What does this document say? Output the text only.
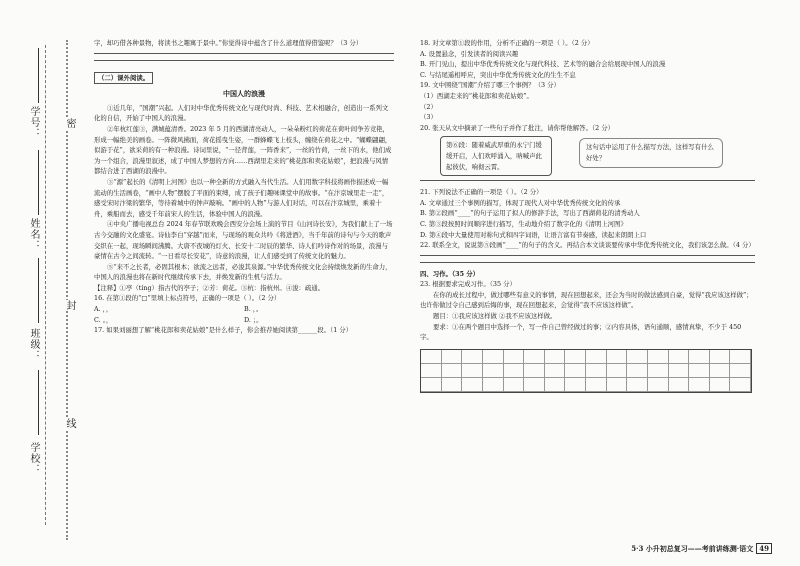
学校：
班级：
姓名：
学号：
线
封
密

字，却巧借各种景物，将读书之趣寓于景中。”你觉得诗中蕴含了什么道理值得借鉴呢？（3 分）

（二）课外阅读。
中国人的浪漫

①近几年，“国潮”兴起。人们对中华优秀传统文化与现代时尚、科技、艺术相融合，创造出一系列文化的自信，开始了中国人的浪漫。

②年杭红莲③，满城蕴清香。2023 年 5 月的西湖清亮动人，一朵朵粉红的荷花在荷叶间争芳竞艳，形成一幅绝美的画卷。一阵微风拂面，荷花摇曳生姿，一群蜂蝶飞上枝头，缠绕在荷花之中。“蝴蝶翩翩，似游于花”，欲采荷的有一种浪漫。诗词里说，“一径背莲，一阵香来”，一丝的竹荷，一丝下的水，他们成为一个组合，浪漫里叙述，成了中国人梦想的方向……西湖里走来的“桃花郎和卖花姑娘”，把浪漫与风情都结合进了西湖的浪漫中。

③“源”起长的《清明上河图》也以一种全新的方式融入当代生活。人们用数字科技将画作描述成一幅流动的生活画卷，“画中人物”摆脱了平面的束缚，成了孩子们趣味课堂中的故事。“在汴京城里走一走”，感受宋时汴梁的繁华，等待着城中的钟声敲响。“画中的人物”与游人们对话，可以在汴京城里，乘着十舟，乘船而去，感受千年前宋人的生活，体验中国人的浪漫。

④中央广播电视总台 2024 年春节联欢晚会西安分会场上演的节目《山河诗长安》，为我们献上了一场古今交融的文化盛宴。诗仙李白“穿越”而来，与现场的观众共吟《将进酒》，当千年前的诗句与今天的歌声交织在一起，现场瞬间沸腾。大唐不夜城的灯火、长安十二时辰的繁华、诗人们吟诗作对的场景，浪漫与豪情在古今之间流转。“一日看尽长安花”，诗意的浪漫，让人们感受到了传统文化的魅力。

⑤“来不之长者，必固其根本；欲流之远者，必浚其泉源。”中华优秀传统文化会持续焕发新的生命力，中国人的浪漫也将在新时代继续传承下去，并焕发新的生机与活力。

【注释】①亭（tíng）指古代的亭子；②芳：荷花。③杭：指杭州。④浚：疏通。

16. 在第①段的“□”里填上标点符号，正确的一项是（ ）。（2 分）

A. ，，	B. ，。
C. 。，	D. ；。

17. 如果刘丽想了解“桃花郎和卖花姑娘”是什么样子，你会推荐她阅读第______段。（1 分）

18. 对文章第①段的作用，分析不正确的一项是（ ）。（2 分）

A. 设置悬念，引发读者的阅读兴趣

B. 开门见山，提出中华优秀传统文化与现代科技、艺术等的融合会给展现中国人的浪漫

C. 与结尾遥相呼应，突出中华优秀传统文化的生生不息

19. 文中围绕“国潮”介绍了哪三个事例？（3 分）

（1）西湖走来的“桃花郎和卖花姑娘”。

（2）

（3）

20. 张天从文中摘录了一些句子并作了批注，请你帮他解答。（2 分）

第⑥段：随着威武厚重的永宁门缓缓开启，人们欢呼涌入，呐喊声此起彼伏，响彻云霄。 这句话中运用了什么描写方法，这样写有什么好处？

21. 下列说法不正确的一项是（ ）。（2 分）

A. 文章通过三个事例的描写，体现了现代人对中华优秀传统文化的传承

B. 第②段画“____”的句子运用了拟人的修辞手法，写出了西湖荷花的清秀动人

C. 第③段按照时间顺序进行描写，生动地介绍了数字化的《清明上河图》

D. 第④段中大量使用对称句式和四字词语，让语言富有节奏感，读起来朗朗上口

22. 联系全文，说说第⑤段画“____”的句子的含义。再结合本文谈谈要传承中华优秀传统文化，我们该怎么做。（4 分）

四、习作。（35 分）

23. 根据要求完成习作。（35 分）

在你的成长过程中，做过哪些有意义的事情，现在回想起来，还会为当时的做法感到自豪，觉得“我应该这样做”；也许你做过令自己感到后悔的事，现在回想起来，会觉得“我不应该这样做”。

题目：①我应该这样做 ②我不应该这样做。

要求：①在两个题目中选择一个，写一件自己曾经做过的事；②内容具体，语句通顺，感情真挚，不少于 450 字。

5·3 小升初总复习——考前讲练测·语文 49
